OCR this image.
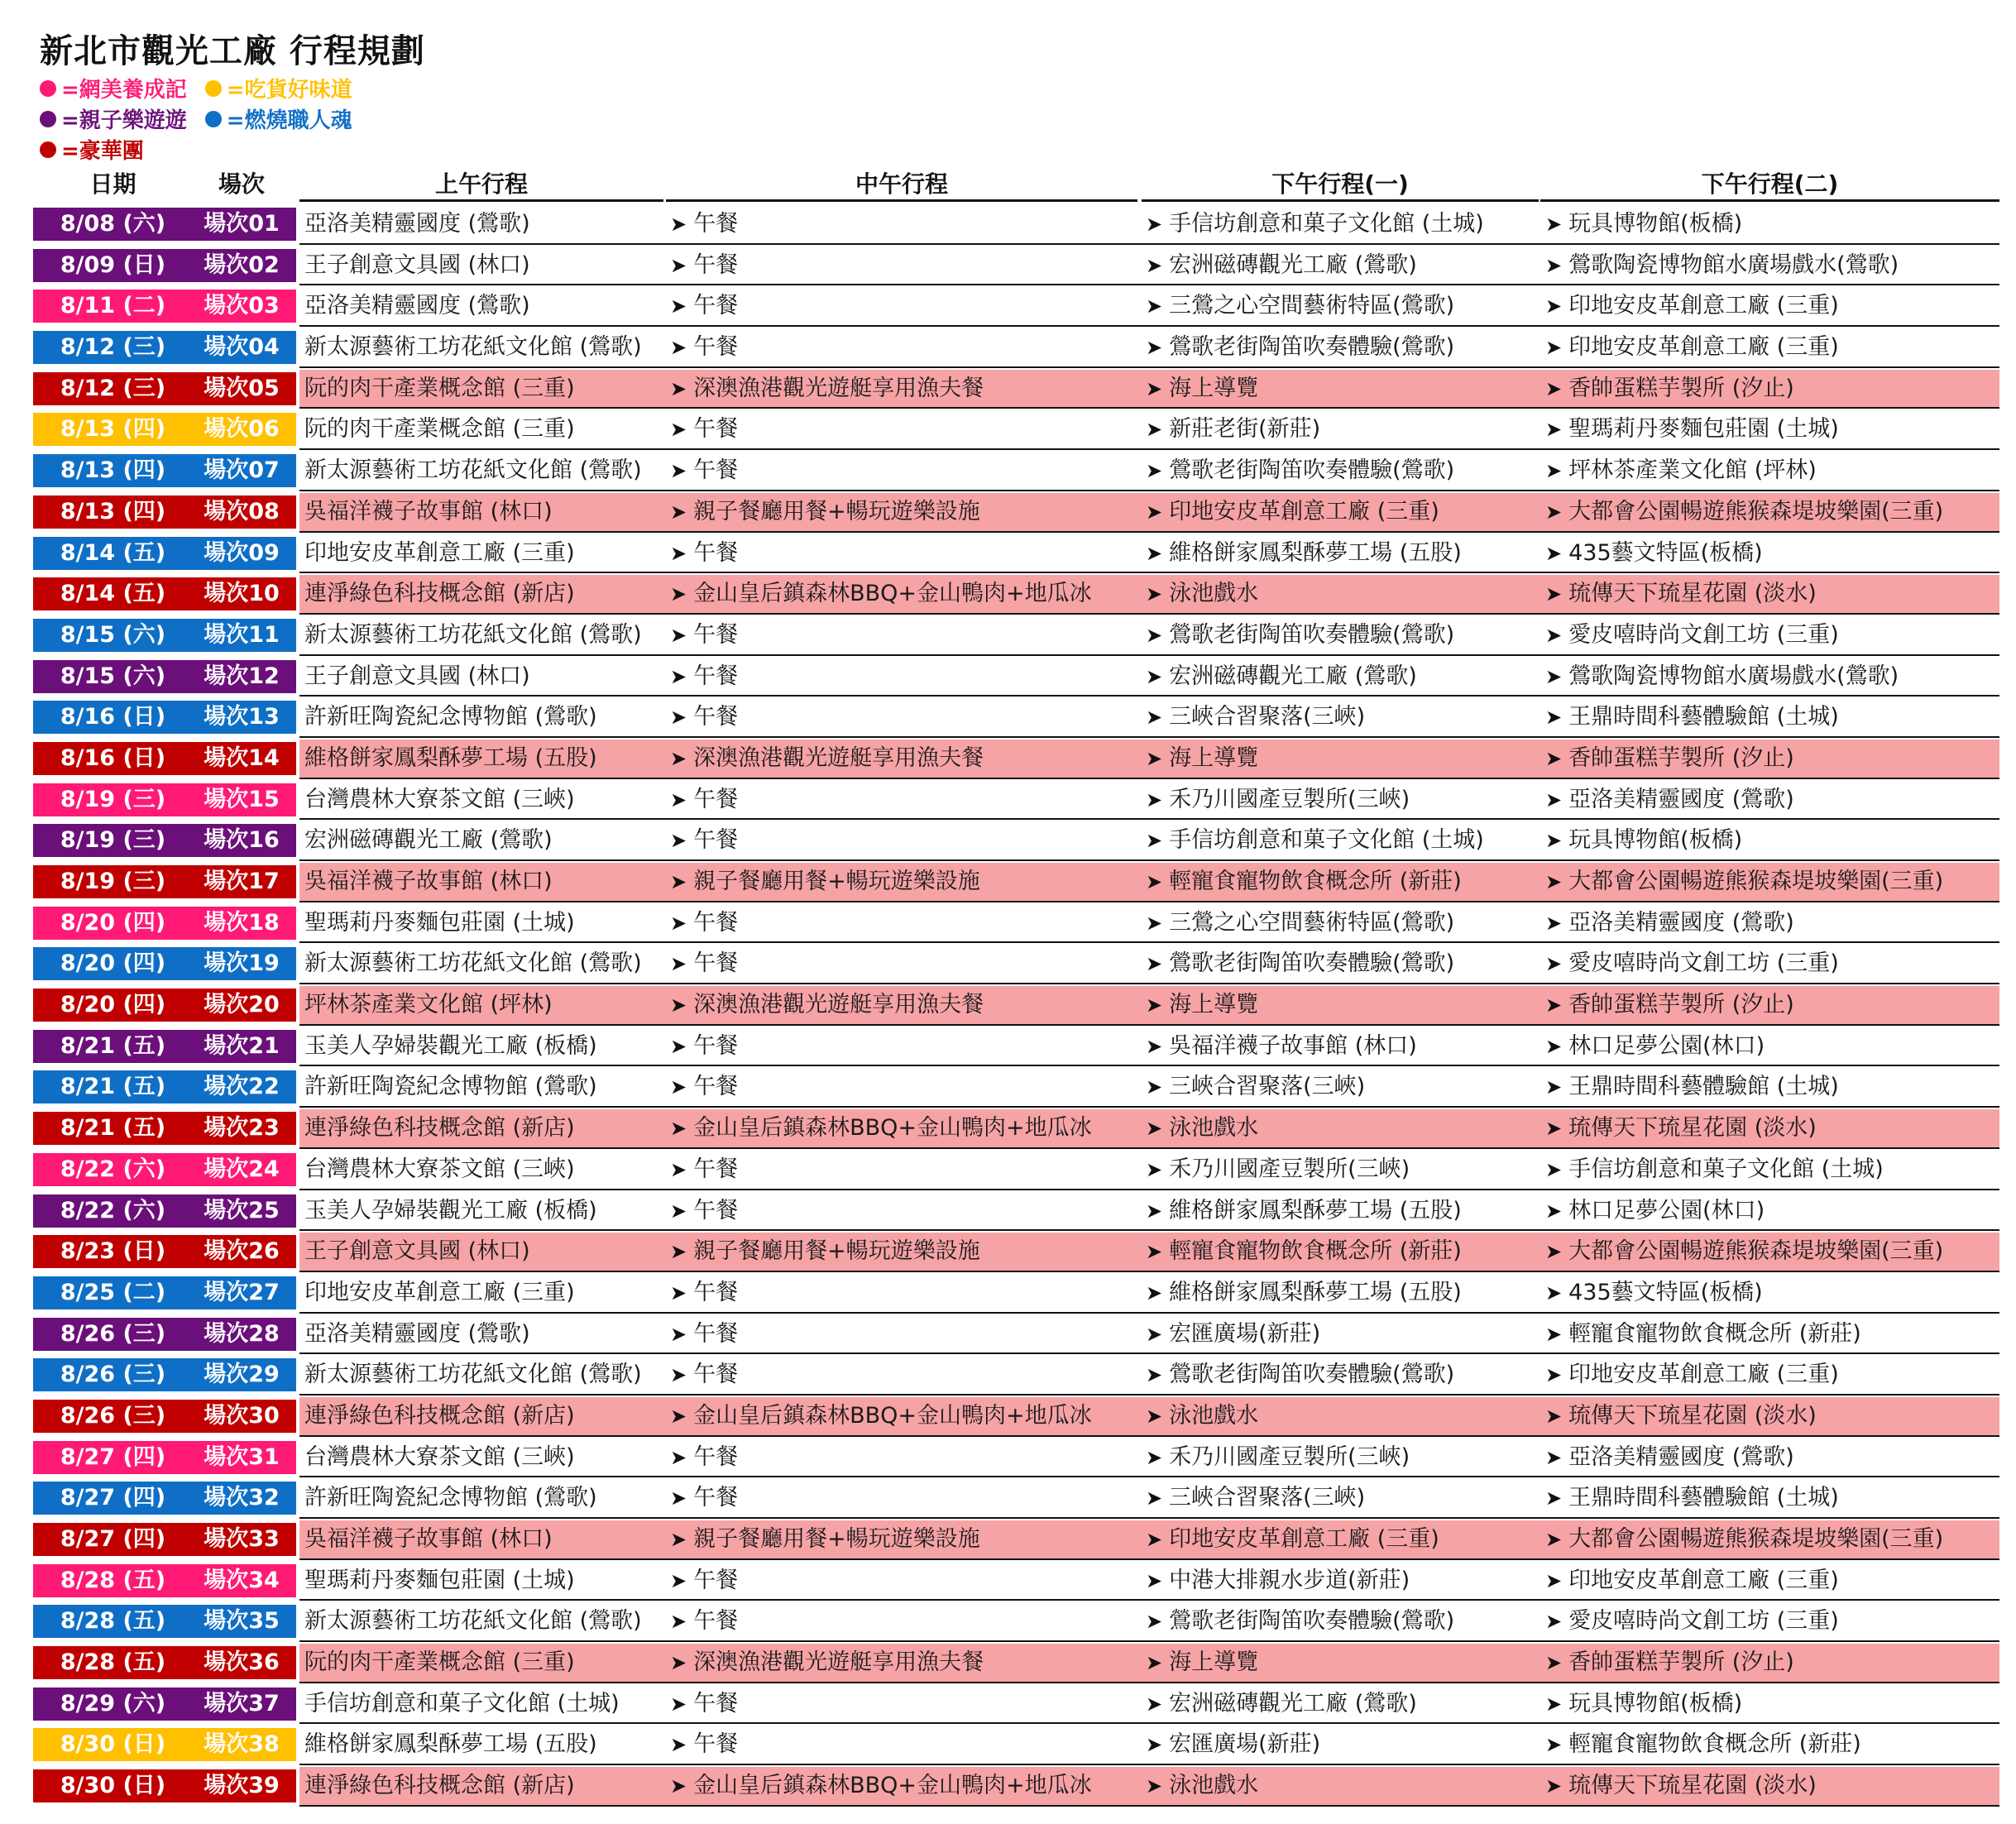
新北市觀光工廠 行程規劃
=網美養成記 =吃貨好味道
=親子樂遊遊 =燃燒職人魂
=豪華團
日期	場次	上午行程	中午行程	下午行程(一)	下午行程(二)
8/08 (六)	場次01	亞洛美精靈國度 (鶯歌)	➤ 午餐	➤ 手信坊創意和菓子文化館 (土城)	➤ 玩具博物館(板橋)
8/09 (日)	場次02	王子創意文具國 (林口)	➤ 午餐	➤ 宏洲磁磚觀光工廠 (鶯歌)	➤ 鶯歌陶瓷博物館水廣場戲水(鶯歌)
8/11 (二)	場次03	亞洛美精靈國度 (鶯歌)	➤ 午餐	➤ 三鶯之心空間藝術特區(鶯歌)	➤ 印地安皮革創意工廠 (三重)
8/12 (三)	場次04	新太源藝術工坊花紙文化館 (鶯歌) ➤ 午餐	➤ 鶯歌老街陶笛吹奏體驗(鶯歌)	➤ 印地安皮革創意工廠 (三重)
8/12 (三)	場次05	阮的肉干產業概念館 (三重)	➤ 深澳漁港觀光遊艇享用漁夫餐	➤ 海上導覽	➤ 香帥蛋糕芋製所 (汐止)
8/13 (四)	場次06	阮的肉干產業概念館 (三重)	➤ 午餐	➤ 新莊老街(新莊)	➤ 聖瑪莉丹麥麵包莊園 (土城)
8/13 (四)	場次07	新太源藝術工坊花紙文化館 (鶯歌) ➤ 午餐	➤ 鶯歌老街陶笛吹奏體驗(鶯歌)	➤ 坪林茶產業文化館 (坪林)
8/13 (四)	場次08	吳福洋襪子故事館 (林口)	➤ 親子餐廳用餐+暢玩遊樂設施	➤ 印地安皮革創意工廠 (三重)	➤ 大都會公園暢遊熊猴森堤坡樂園(三重)
8/14 (五)	場次09	印地安皮革創意工廠 (三重)	➤ 午餐	➤ 維格餅家鳳梨酥夢工場 (五股)	➤ 435藝文特區(板橋)
8/14 (五)	場次10	連淨綠色科技概念館 (新店)	➤ 金山皇后鎮森林BBQ+金山鴨肉+地瓜冰	➤ 泳池戲水	➤ 琉傳天下琉星花園 (淡水)
8/15 (六)	場次11	新太源藝術工坊花紙文化館 (鶯歌) ➤ 午餐	➤ 鶯歌老街陶笛吹奏體驗(鶯歌)	➤ 愛皮嘻時尚文創工坊 (三重)
8/15 (六)	場次12	王子創意文具國 (林口)	➤ 午餐	➤ 宏洲磁磚觀光工廠 (鶯歌)	➤ 鶯歌陶瓷博物館水廣場戲水(鶯歌)
8/16 (日)	場次13	許新旺陶瓷紀念博物館 (鶯歌)	➤ 午餐	➤ 三峽合習聚落(三峽)	➤ 王鼎時間科藝體驗館 (土城)
8/16 (日)	場次14	維格餅家鳳梨酥夢工場 (五股)	➤ 深澳漁港觀光遊艇享用漁夫餐	➤ 海上導覽	➤ 香帥蛋糕芋製所 (汐止)
8/19 (三)	場次15	台灣農林大寮茶文館 (三峽)	➤ 午餐	➤ 禾乃川國產豆製所(三峽)	➤ 亞洛美精靈國度 (鶯歌)
8/19 (三)	場次16	宏洲磁磚觀光工廠 (鶯歌)	➤ 午餐	➤ 手信坊創意和菓子文化館 (土城)	➤ 玩具博物館(板橋)
8/19 (三)	場次17	吳福洋襪子故事館 (林口)	➤ 親子餐廳用餐+暢玩遊樂設施	➤ 輕寵食寵物飲食概念所 (新莊)	➤ 大都會公園暢遊熊猴森堤坡樂園(三重)
8/20 (四)	場次18	聖瑪莉丹麥麵包莊園 (土城)	➤ 午餐	➤ 三鶯之心空間藝術特區(鶯歌)	➤ 亞洛美精靈國度 (鶯歌)
8/20 (四)	場次19	新太源藝術工坊花紙文化館 (鶯歌) ➤ 午餐	➤ 鶯歌老街陶笛吹奏體驗(鶯歌)	➤ 愛皮嘻時尚文創工坊 (三重)
8/20 (四)	場次20	坪林茶產業文化館 (坪林)	➤ 深澳漁港觀光遊艇享用漁夫餐	➤ 海上導覽	➤ 香帥蛋糕芋製所 (汐止)
8/21 (五)	場次21	玉美人孕婦裝觀光工廠 (板橋)	➤ 午餐	➤ 吳福洋襪子故事館 (林口)	➤ 林口足夢公園(林口)
8/21 (五)	場次22	許新旺陶瓷紀念博物館 (鶯歌)	➤ 午餐	➤ 三峽合習聚落(三峽)	➤ 王鼎時間科藝體驗館 (土城)
8/21 (五)	場次23	連淨綠色科技概念館 (新店)	➤ 金山皇后鎮森林BBQ+金山鴨肉+地瓜冰	➤ 泳池戲水	➤ 琉傳天下琉星花園 (淡水)
8/22 (六)	場次24	台灣農林大寮茶文館 (三峽)	➤ 午餐	➤ 禾乃川國產豆製所(三峽)	➤ 手信坊創意和菓子文化館 (土城)
8/22 (六)	場次25	玉美人孕婦裝觀光工廠 (板橋)	➤ 午餐	➤ 維格餅家鳳梨酥夢工場 (五股)	➤ 林口足夢公園(林口)
8/23 (日)	場次26	王子創意文具國 (林口)	➤ 親子餐廳用餐+暢玩遊樂設施	➤ 輕寵食寵物飲食概念所 (新莊)	➤ 大都會公園暢遊熊猴森堤坡樂園(三重)
8/25 (二)	場次27	印地安皮革創意工廠 (三重)	➤ 午餐	➤ 維格餅家鳳梨酥夢工場 (五股)	➤ 435藝文特區(板橋)
8/26 (三)	場次28	亞洛美精靈國度 (鶯歌)	➤ 午餐	➤ 宏匯廣場(新莊)	➤ 輕寵食寵物飲食概念所 (新莊)
8/26 (三)	場次29	新太源藝術工坊花紙文化館 (鶯歌) ➤ 午餐	➤ 鶯歌老街陶笛吹奏體驗(鶯歌)	➤ 印地安皮革創意工廠 (三重)
8/26 (三)	場次30	連淨綠色科技概念館 (新店)	➤ 金山皇后鎮森林BBQ+金山鴨肉+地瓜冰	➤ 泳池戲水	➤ 琉傳天下琉星花園 (淡水)
8/27 (四)	場次31	台灣農林大寮茶文館 (三峽)	➤ 午餐	➤ 禾乃川國產豆製所(三峽)	➤ 亞洛美精靈國度 (鶯歌)
8/27 (四)	場次32	許新旺陶瓷紀念博物館 (鶯歌)	➤ 午餐	➤ 三峽合習聚落(三峽)	➤ 王鼎時間科藝體驗館 (土城)
8/27 (四)	場次33	吳福洋襪子故事館 (林口)	➤ 親子餐廳用餐+暢玩遊樂設施	➤ 印地安皮革創意工廠 (三重)	➤ 大都會公園暢遊熊猴森堤坡樂園(三重)
8/28 (五)	場次34	聖瑪莉丹麥麵包莊園 (土城)	➤ 午餐	➤ 中港大排親水步道(新莊)	➤ 印地安皮革創意工廠 (三重)
8/28 (五)	場次35	新太源藝術工坊花紙文化館 (鶯歌) ➤ 午餐	➤ 鶯歌老街陶笛吹奏體驗(鶯歌)	➤ 愛皮嘻時尚文創工坊 (三重)
8/28 (五)	場次36	阮的肉干產業概念館 (三重)	➤ 深澳漁港觀光遊艇享用漁夫餐	➤ 海上導覽	➤ 香帥蛋糕芋製所 (汐止)
8/29 (六)	場次37	手信坊創意和菓子文化館 (土城)	➤ 午餐	➤ 宏洲磁磚觀光工廠 (鶯歌)	➤ 玩具博物館(板橋)
8/30 (日)	場次38	維格餅家鳳梨酥夢工場 (五股)	➤ 午餐	➤ 宏匯廣場(新莊)	➤ 輕寵食寵物飲食概念所 (新莊)
8/30 (日)	場次39	連淨綠色科技概念館 (新店)	➤ 金山皇后鎮森林BBQ+金山鴨肉+地瓜冰	➤ 泳池戲水	➤ 琉傳天下琉星花園 (淡水)
